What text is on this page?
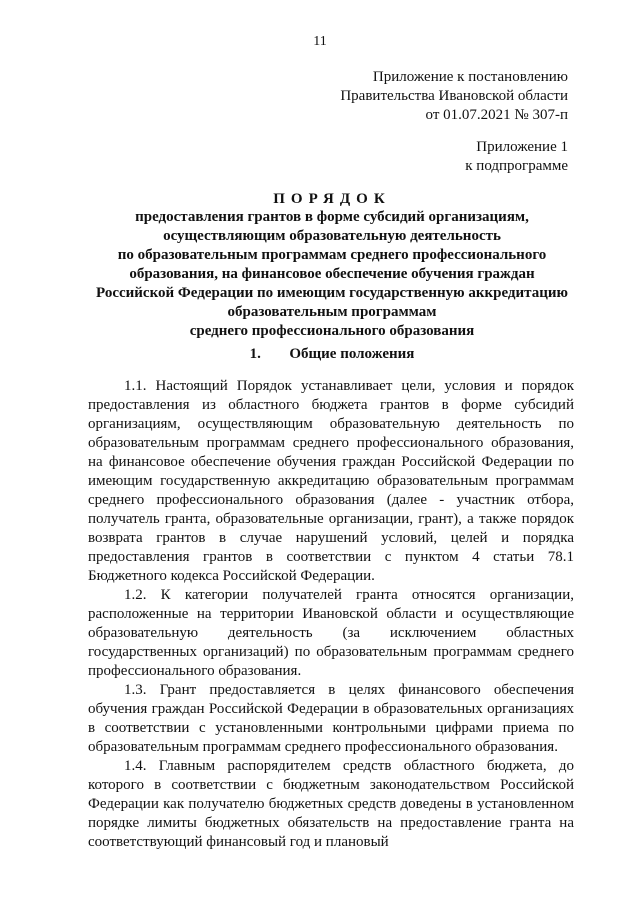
11
Приложение к постановлению
Правительства Ивановской области
от 01.07.2021 № 307-п
Приложение 1
к подпрограмме
ПОРЯДОК
предоставления грантов в форме субсидий организациям,
осуществляющим образовательную деятельность
по образовательным программам среднего профессионального
образования, на финансовое обеспечение обучения граждан
Российской Федерации по имеющим государственную аккредитацию
образовательным программам
среднего профессионального образования
1. Общие положения

1.1. Настоящий Порядок устанавливает цели, условия и порядок предоставления из областного бюджета грантов в форме субсидий организациям, осуществляющим образовательную деятельность по образовательным программам среднего профессионального образования, на финансовое обеспечение обучения граждан Российской Федерации по имеющим государственную аккредитацию образовательным программам среднего профессионального образования (далее - участник отбора, получатель гранта, образовательные организации, грант), а также порядок возврата грантов в случае нарушений условий, целей и порядка предоставления грантов в соответствии с пунктом 4 статьи 78.1 Бюджетного кодекса Российской Федерации.

1.2. К категории получателей гранта относятся организации, расположенные на территории Ивановской области и осуществляющие образовательную деятельность (за исключением областных государственных организаций) по образовательным программам среднего профессионального образования.

1.3. Грант предоставляется в целях финансового обеспечения обучения граждан Российской Федерации в образовательных организациях в соответствии с установленными контрольными цифрами приема по образовательным программам среднего профессионального образования.

1.4. Главным распорядителем средств областного бюджета, до которого в соответствии с бюджетным законодательством Российской Федерации как получателю бюджетных средств доведены в установленном порядке лимиты бюджетных обязательств на предоставление гранта на соответствующий финансовый год и плановый
